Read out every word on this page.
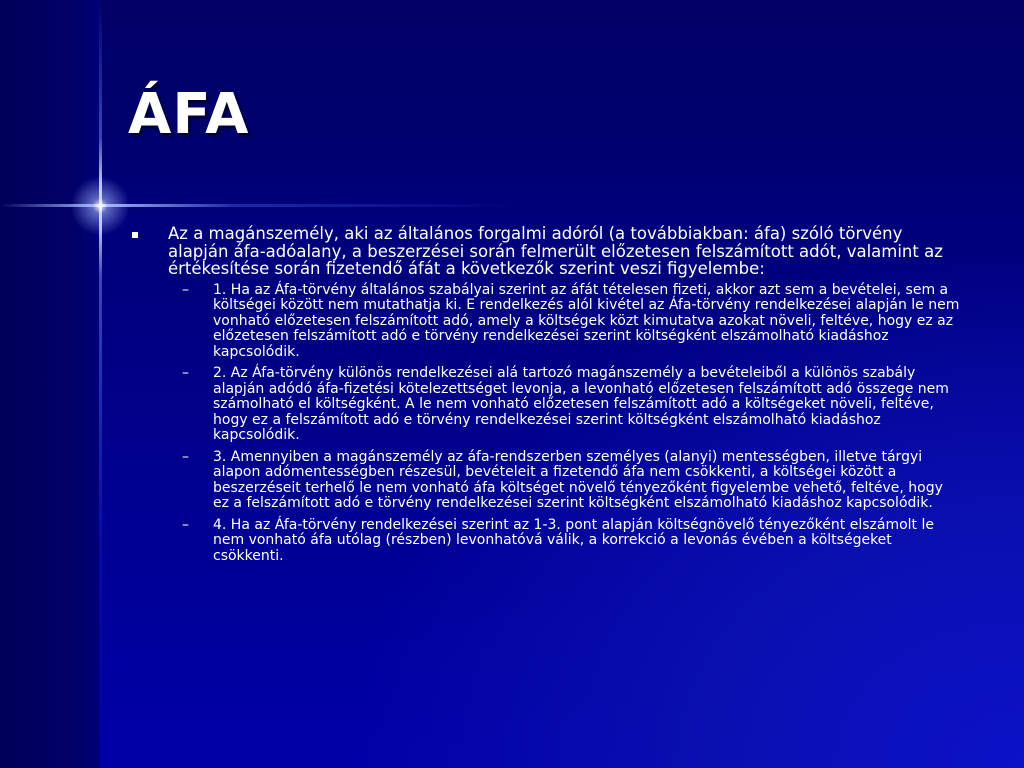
ÁFA
Az a magánszemély, aki az általános forgalmi adóról (a továbbiakban: áfa) szóló törvény alapján áfa-adóalany, a beszerzései során felmerült előzetesen felszámított adót, valamint az értékesítése során fizetendő áfát a következők szerint veszi figyelembe:
– 1. Ha az Áfa-törvény általános szabályai szerint az áfát tételesen fizeti, akkor azt sem a bevételei, sem a költségei között nem mutathatja ki. E rendelkezés alól kivétel az Áfa-törvény rendelkezései alapján le nem vonható előzetesen felszámított adó, amely a költségek közt kimutatva azokat növeli, feltéve, hogy ez az előzetesen felszámított adó e törvény rendelkezései szerint költségként elszámolható kiadáshoz kapcsolódik.
– 2. Az Áfa-törvény különös rendelkezései alá tartozó magánszemély a bevételeiből a különös szabály alapján adódó áfa-fizetési kötelezettséget levonja, a levonható előzetesen felszámított adó összege nem számolható el költségként. A le nem vonható előzetesen felszámított adó a költségeket növeli, feltéve, hogy ez a felszámított adó e törvény rendelkezései szerint költségként elszámolható kiadáshoz kapcsolódik.
– 3. Amennyiben a magánszemély az áfa-rendszerben személyes (alanyi) mentességben, illetve tárgyi alapon adómentességben részesül, bevételeit a fizetendő áfa nem csökkenti, a költségei között a beszerzéseit terhelő le nem vonható áfa költséget növelő tényezőként figyelembe vehető, feltéve, hogy ez a felszámított adó e törvény rendelkezései szerint költségként elszámolható kiadáshoz kapcsolódik.
– 4. Ha az Áfa-törvény rendelkezései szerint az 1-3. pont alapján költségnövelő tényezőként elszámolt le nem vonható áfa utólag (részben) levonhatóvá válik, a korrekció a levonás évében a költségeket csökkenti.
